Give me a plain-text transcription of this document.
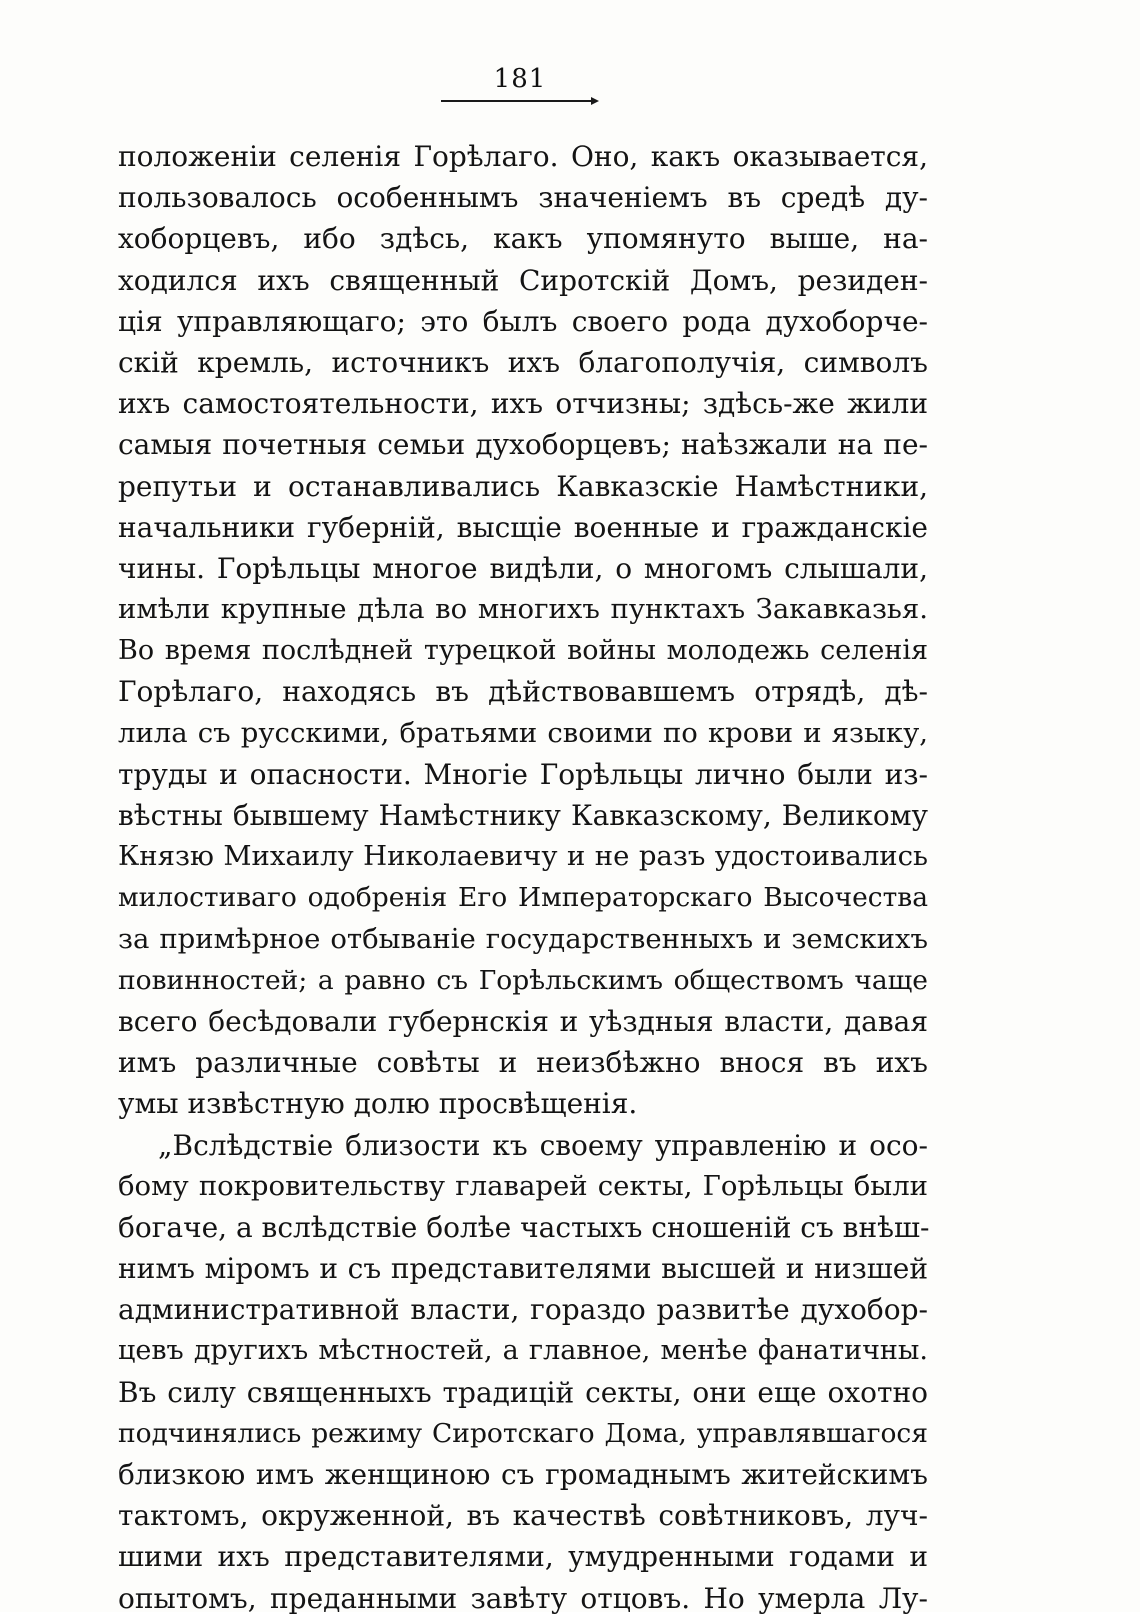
181
положеніи селенія Горѣлаго. Оно, какъ оказывается,
пользовалось особеннымъ значеніемъ въ средѣ ду-
хоборцевъ, ибо здѣсь, какъ упомянуто выше, на-
ходился ихъ священный Сиротскій Домъ, резиден-
ція управляющаго; это былъ своего рода духоборче-
скій кремль, источникъ ихъ благополучія, символъ
ихъ самостоятельности, ихъ отчизны; здѣсь-же жили
самыя почетныя семьи духоборцевъ; наѣзжали на пе-
репутьи и останавливались Кавказскіе Намѣстники,
начальники губерній, высщіе военные и гражданскіе
чины. Горѣльцы многое видѣли, о многомъ слышали,
имѣли крупные дѣла во многихъ пунктахъ Закавказья.
Во время послѣдней турецкой войны молодежь селенія
Горѣлаго, находясь въ дѣйствовавшемъ отрядѣ, дѣ-
лила съ русскими, братьями своими по крови и языку,
труды и опасности. Многіе Горѣльцы лично были из-
вѣстны бывшему Намѣстнику Кавказскому, Великому
Князю Михаилу Николаевичу и не разъ удостоивались
милостиваго одобренія Его Императорскаго Высочества
за примѣрное отбываніе государственныхъ и земскихъ
повинностей; а равно съ Горѣльскимъ обществомъ чаще
всего бесѣдовали губернскія и уѣздныя власти, давая
имъ различные совѣты и неизбѣжно внося въ ихъ
умы извѣстную долю просвѣщенія.
„Вслѣдствіе близости къ своему управленію и осо-
бому покровительству главарей секты, Горѣльцы были
богаче, а вслѣдствіе болѣе частыхъ сношеній съ внѣш-
нимъ міромъ и съ представителями высшей и низшей
административной власти, гораздо развитѣе духобор-
цевъ другихъ мѣстностей, а главное, менѣе фанатичны.
Въ силу священныхъ традицій секты, они еще охотно
подчинялись режиму Сиротскаго Дома, управлявшагося
близкою имъ женщиною съ громаднымъ житейскимъ
тактомъ, окруженной, въ качествѣ совѣтниковъ, луч-
шими ихъ представителями, умудренными годами и
опытомъ, преданными завѣту отцовъ. Но умерла Лу-
